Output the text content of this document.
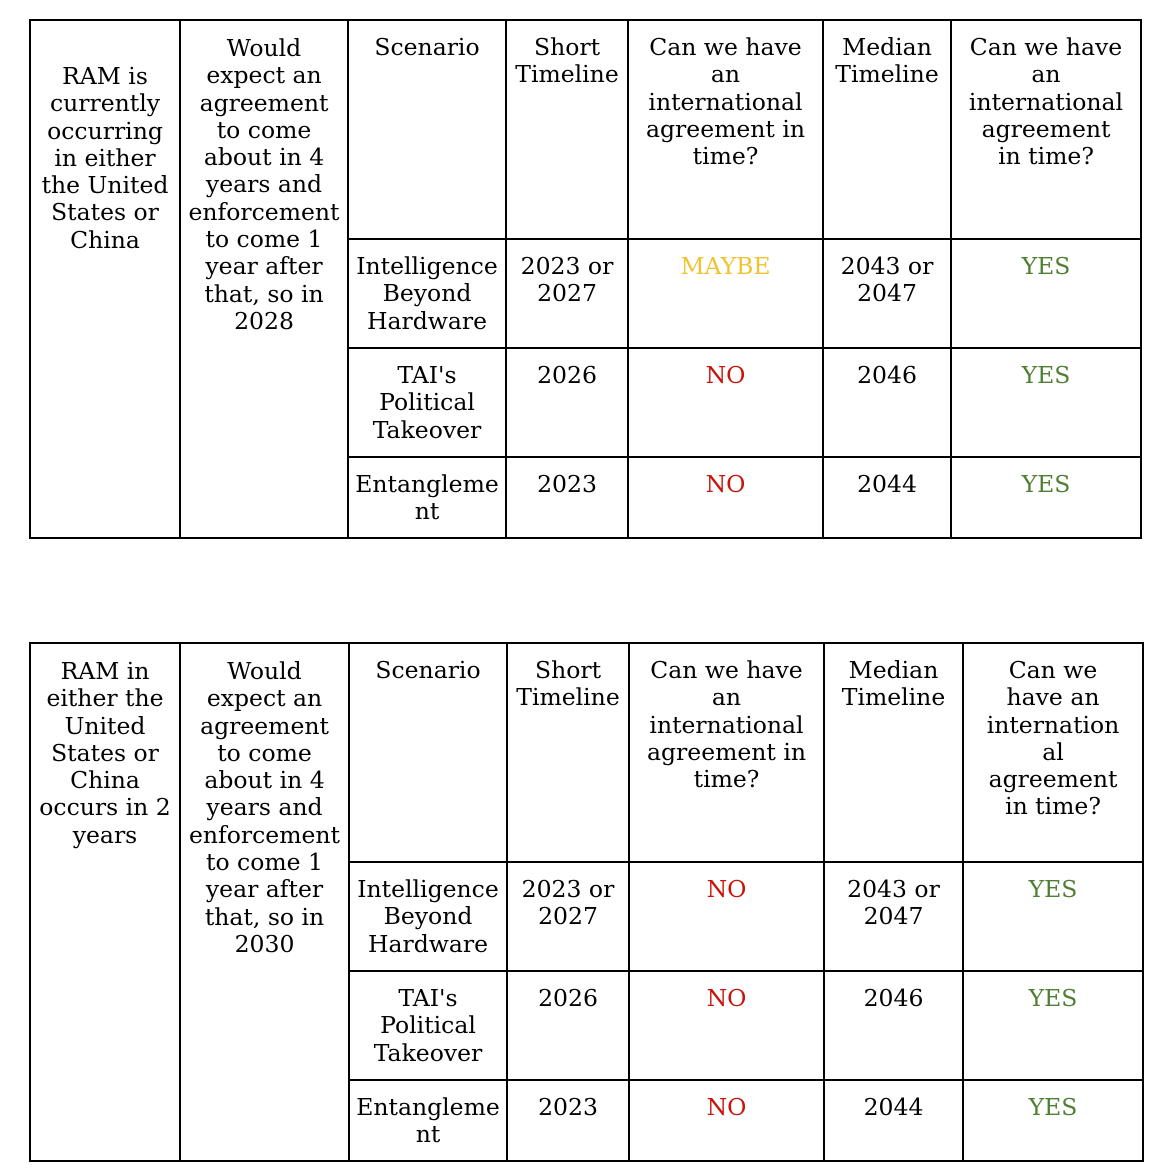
RAM is currently occurring in either the United States or China	Would expect an agreement to come about in 4 years and enforcement to come 1 year after that, so in 2028	Scenario	Short Timeline	Can we have an international agreement in time?	Median Timeline	Can we have an international agreement in time?
		Intelligence Beyond Hardware	2023 or 2027	MAYBE	2043 or 2047	YES
		TAI's Political Takeover	2026	NO	2046	YES
		Entanglement	2023	NO	2044	YES
RAM in either the United States or China occurs in 2 years	Would expect an agreement to come about in 4 years and enforcement to come 1 year after that, so in 2030	Scenario	Short Timeline	Can we have an international agreement in time?	Median Timeline	Can we have an international agreement in time?
		Intelligence Beyond Hardware	2023 or 2027	NO	2043 or 2047	YES
		TAI's Political Takeover	2026	NO	2046	YES
		Entanglement	2023	NO	2044	YES
